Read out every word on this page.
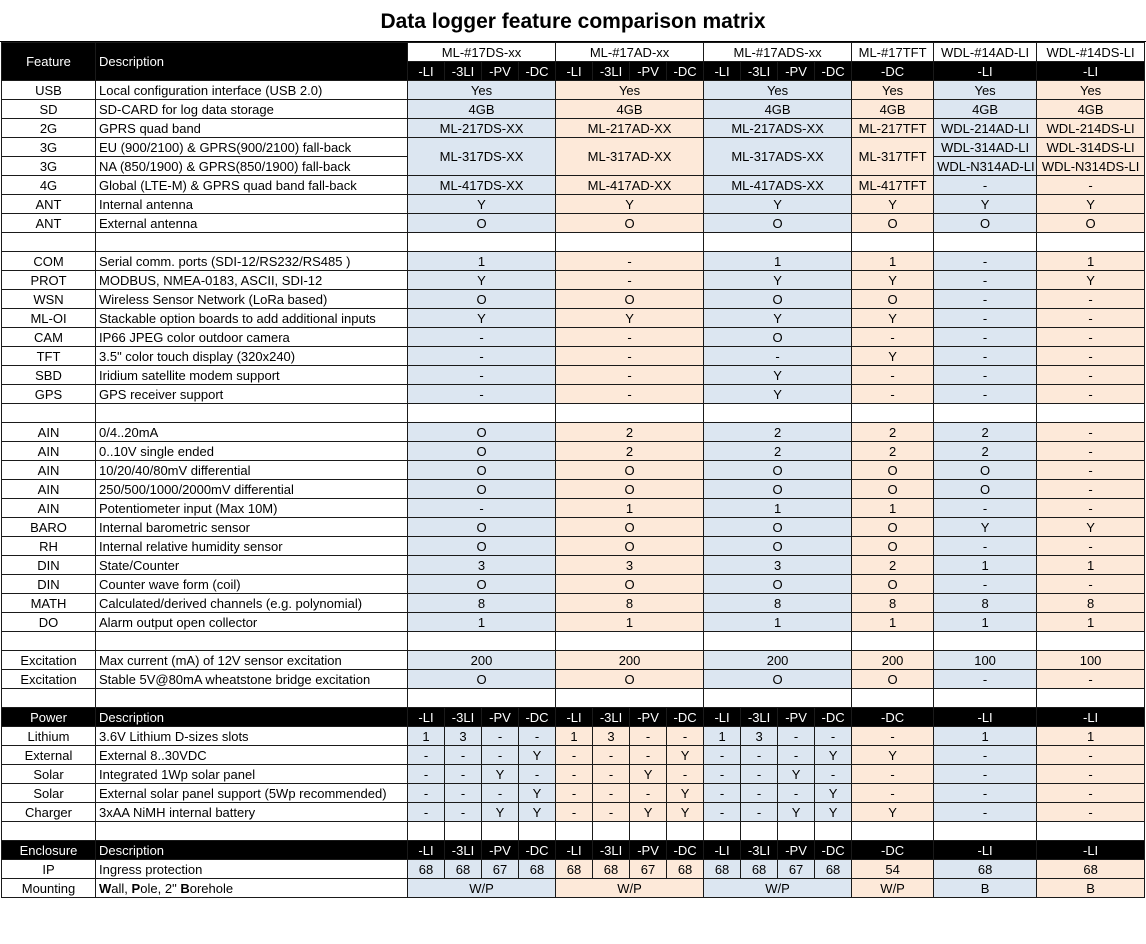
Data logger feature comparison matrix
Feature	Description	ML-#17DS-xx				ML-#17AD-xx				ML-#17ADS-xx				ML-#17TFT	WDL-#14AD-LI	WDL-#14DS-LI
		-LI	-3LI	-PV	-DC	-LI	-3LI	-PV	-DC	-LI	-3LI	-PV	-DC	-DC	-LI	-LI
USB	Local configuration interface (USB 2.0)	Yes				Yes				Yes				Yes	Yes	Yes
SD	SD-CARD for log data storage	4GB				4GB				4GB				4GB	4GB	4GB
2G	GPRS quad band	ML-217DS-XX				ML-217AD-XX				ML-217ADS-XX				ML-217TFT	WDL-214AD-LI	WDL-214DS-LI
3G	EU (900/2100) & GPRS(900/2100) fall-back	ML-317DS-XX				ML-317AD-XX				ML-317ADS-XX				ML-317TFT	WDL-314AD-LI	WDL-314DS-LI
3G	NA (850/1900) & GPRS(850/1900) fall-back														WDL-N314AD-LI	WDL-N314DS-LI
4G	Global (LTE-M) & GPRS quad band fall-back	ML-417DS-XX				ML-417AD-XX				ML-417ADS-XX				ML-417TFT	-	-
ANT	Internal antenna	Y				Y				Y				Y	Y	Y
ANT	External antenna	O				O				O				O	O	O

COM	Serial comm. ports (SDI-12/RS232/RS485 )	1				-				1				1	-	1
PROT	MODBUS, NMEA-0183, ASCII, SDI-12	Y				-				Y				Y	-	Y
WSN	Wireless Sensor Network (LoRa based)	O				O				O				O	-	-
ML-OI	Stackable option boards to add additional inputs	Y				Y				Y				Y	-	-
CAM	IP66 JPEG color outdoor camera	-				-				O				-	-	-
TFT	3.5" color touch display (320x240)	-				-				-				Y	-	-
SBD	Iridium satellite modem support	-				-				Y				-	-	-
GPS	GPS receiver support	-				-				Y				-	-	-

AIN	0/4..20mA	O				2				2				2	2	-
AIN	0..10V single ended	O				2				2				2	2	-
AIN	10/20/40/80mV differential	O				O				O				O	O	-
AIN	250/500/1000/2000mV differential	O				O				O				O	O	-
AIN	Potentiometer input (Max 10M)	-				1				1				1	-	-
BARO	Internal barometric sensor	O				O				O				O	Y	Y
RH	Internal relative humidity sensor	O				O				O				O	-	-
DIN	State/Counter	3				3				3				2	1	1
DIN	Counter wave form (coil)	O				O				O				O	-	-
MATH	Calculated/derived channels (e.g. polynomial)	8				8				8				8	8	8
DO	Alarm output open collector	1				1				1				1	1	1

Excitation	Max current (mA) of 12V sensor excitation	200				200				200				200	100	100
Excitation	Stable 5V@80mA wheatstone bridge excitation	O				O				O				O	-	-

Power	Description	-LI	-3LI	-PV	-DC	-LI	-3LI	-PV	-DC	-LI	-3LI	-PV	-DC	-DC	-LI	-LI
Lithium	3.6V Lithium D-sizes slots	1	3	-	-	1	3	-	-	1	3	-	-	-	1	1
External	External 8..30VDC	-	-	-	Y	-	-	-	Y	-	-	-	Y	Y	-	-
Solar	Integrated 1Wp solar panel	-	-	Y	-	-	-	Y	-	-	-	Y	-	-	-	-
Solar	External solar panel support (5Wp recommended)	-	-	-	Y	-	-	-	Y	-	-	-	Y	-	-	-
Charger	3xAA NiMH internal battery	-	-	Y	Y	-	-	Y	Y	-	-	Y	Y	Y	-	-

Enclosure	Description	-LI	-3LI	-PV	-DC	-LI	-3LI	-PV	-DC	-LI	-3LI	-PV	-DC	-DC	-LI	-LI
IP	Ingress protection	68	68	67	68	68	68	67	68	68	68	67	68	54	68	68
Mounting	Wall, Pole, 2" Borehole	W/P				W/P				W/P				W/P	B	B
